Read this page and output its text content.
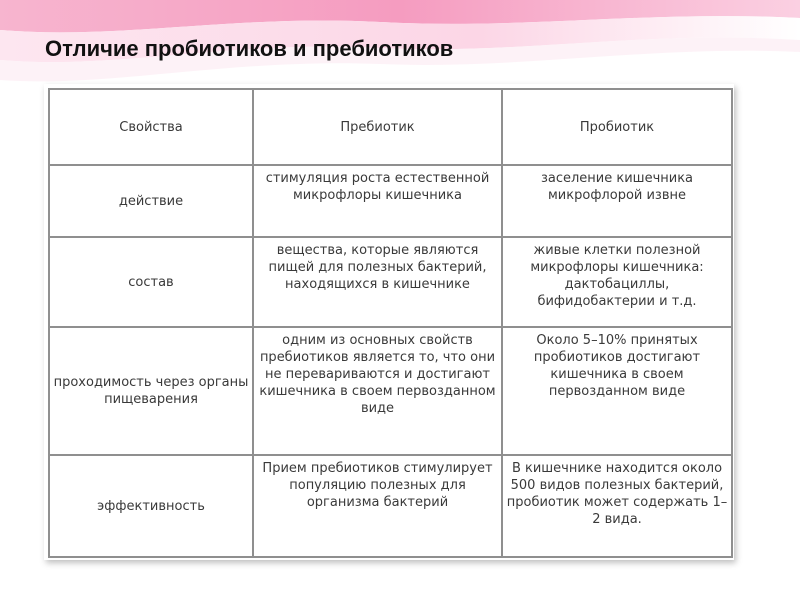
Отличие пробиотиков и пребиотиков
Свойства	Пребиотик	Пробиотик
действие	стимуляция роста естественной микрофлоры кишечника	заселение кишечника микрофлорой извне
состав	вещества, которые являются пищей для полезных бактерий, находящихся в кишечнике	живые клетки полезной микрофлоры кишечника: дактобациллы, бифидобактерии и т.д.
проходимость через органы пищеварения	одним из основных свойств пребиотиков является то, что они не перевариваются и достигают кишечника в своем первозданном виде	Около 5–10% принятых пробиотиков достигают кишечника в своем первозданном виде
эффективность	Прием пребиотиков стимулирует популяцию полезных для организма бактерий	В кишечнике находится около 500 видов полезных бактерий, пробиотик может содержать 1–2 вида.
